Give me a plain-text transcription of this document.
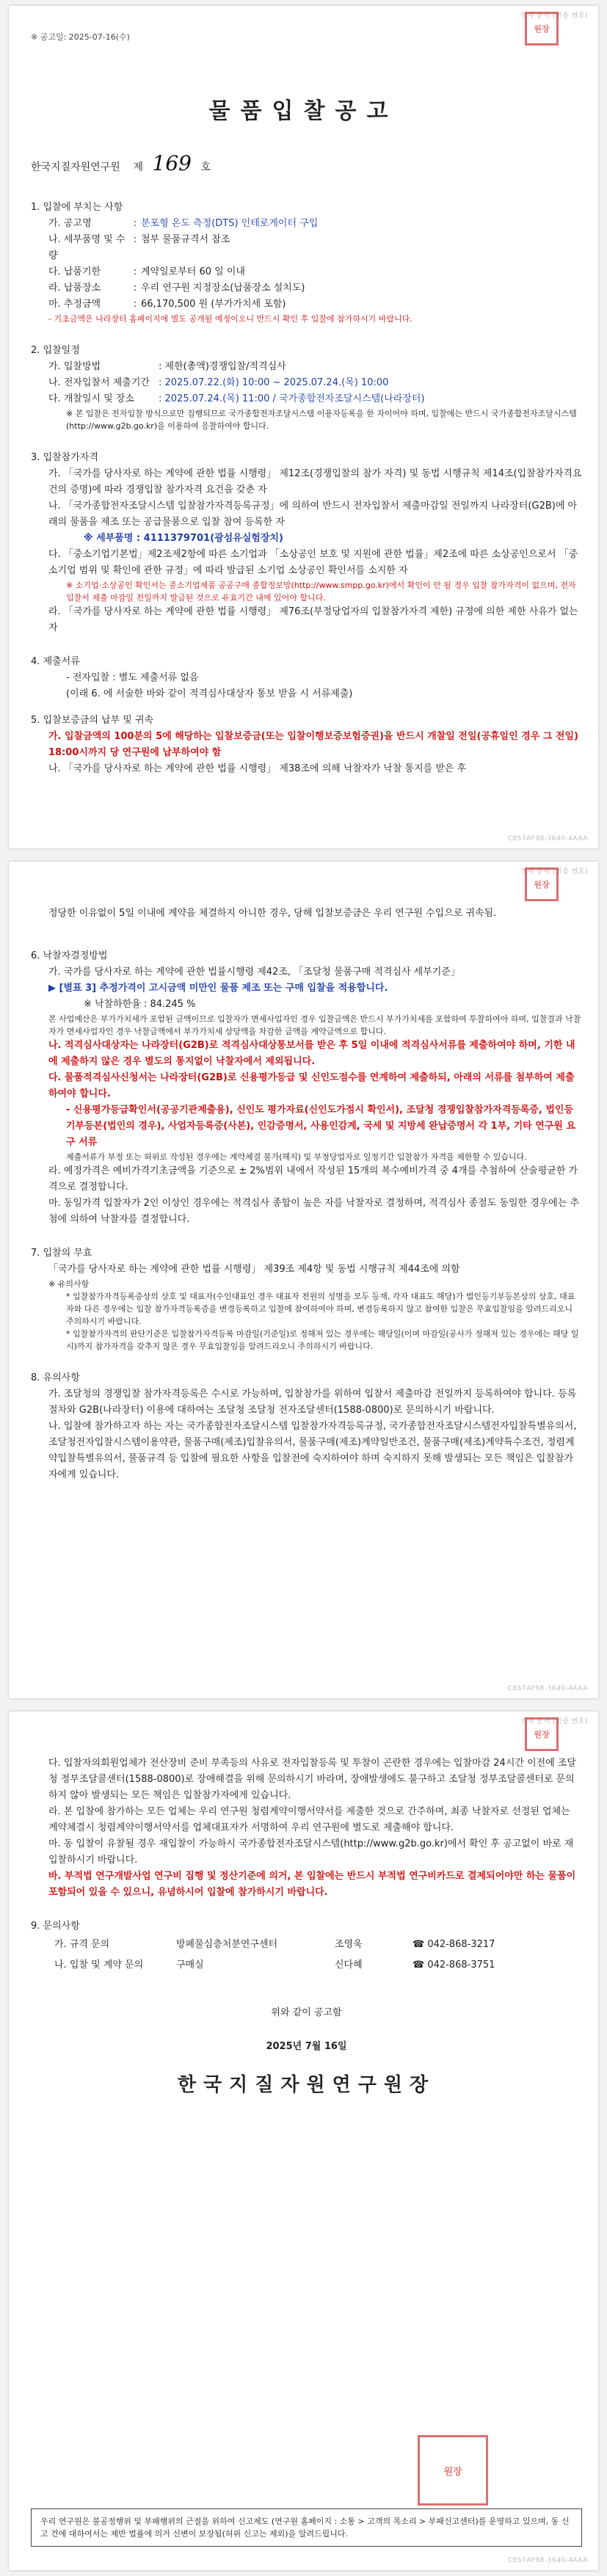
전자 문서 (인증 번호)
원장
※ 공고일: 2025-07-16(수)
물품입찰공고
한국지질자원연구원 제 169 호
1. 입찰에 부치는 사항
가. 공고명	: 분포형 온도 측정(DTS) 인테로게이터 구입
나. 세부품명 및 수량
: 첨부 물품규격서 참조
다. 납품기한	: 계약일로부터 60 일 이내
라. 납품장소	: 우리 연구원 지정장소(납품장소 설치도)
마. 추정금액	: 66,170,500 원 (부가가치세 포함)
- 기초금액은 나라장터 홈페이지에 별도 공개될 예정이오니 반드시 확인 후 입찰에 참가하시기 바랍니다.
2. 입찰일정
가. 입찰방법	: 제한(총액)경쟁입찰/적격심사
나. 전자입찰서 제출기간 : 2025.07.22.(화) 10:00 ~ 2025.07.24.(목) 10:00
다. 개찰일시 및 장소	: 2025.07.24.(목) 11:00 / 국가종합전자조달시스템(나라장터)
※ 본 입찰은 전자입찰 방식으로만 집행되므로 국가종합전자조달시스템 이용자등록을 한 자이어야 하며, 입찰에는 반드시 국가종합전자조달시스템(http://www.g2b.go.kr)을 이용하여 응찰하여야 합니다.
3. 입찰참가자격
가. 「국가를 당사자로 하는 계약에 관한 법률 시행령」 제12조(경쟁입찰의 참가 자격) 및 동법 시행규칙 제14조(입찰참가자격요건의 증명)에 따라 경쟁입찰 참가자격 요건을 갖춘 자
나. 「국가종합전자조달시스템 입찰참가자격등록규정」에 의하여 반드시 전자입찰서 제출마감일 전일까지 나라장터(G2B)에 아래의 물품을 제조 또는 공급물품으로 입찰 참여 등록한 자
※ 세부품명 : 4111379701(광섬유실험장치)
다. 「중소기업기본법」제2조제2항에 따른 소기업과 「소상공인 보호 및 지원에 관한 법률」제2조에 따른 소상공인으로서 「중소기업 범위 및 확인에 관한 규정」에 따라 발급된 소기업 소상공인 확인서를 소지한 자
※ 소기업·소상공인 확인서는 중소기업제품 공공구매 종합정보망(http://www.smpp.go.kr)에서 확인이 안 될 경우 입찰 참가자격이 없으며, 전자입찰서 제출 마감일 전일까지 발급된 것으로 유효기간 내에 있어야 합니다.
라. 「국가를 당사자로 하는 계약에 관한 법률 시행령」 제76조(부정당업자의 입찰참가자격 제한) 규정에 의한 제한 사유가 없는 자
4. 제출서류
- 전자입찰 : 별도 제출서류 없음
(이래 6. 에 서술한 바와 같이 적격심사대상자 통보 받을 시 서류제출)
5. 입찰보증금의 납부 및 귀속
가. 입찰금액의 100분의 5에 해당하는 입찰보증금(또는 입찰이행보증보험증권)을 반드시 개찰일 전일(공휴일인 경우 그 전일) 18:00시까지 당 연구원에 납부하여야 함
나. 「국가를 당사자로 하는 계약에 관한 법률 시행령」 제38조에 의해 낙찰자가 낙찰 통지를 받은 후
C857AF98-3640-4AAA
전자 문서 (인증 번호)
원장
정당한 이유없이 5일 이내에 계약을 체결하지 아니한 경우, 당해 입찰보증금은 우리 연구원 수입으로 귀속됨.
6. 낙찰자결정방법
가. 국가를 당사자로 하는 계약에 관한 법률시행령 제42조, 「조달청 물품구매 적격심사 세부기준」
▶ [별표 3] 추정가격이 고시금액 미만인 물품 제조 또는 구매 입찰을 적용합니다.
※ 낙찰하한율 : 84.245 %
본 사업예산은 부가가치세가 포함된 금액이므로 입찰자가 면세사업자인 경우 입찰금액은 반드시 부가가치세를 포함하여 투찰하여야 하며, 입찰결과 낙찰자가 면세사업자인 경우 낙찰금액에서 부가가치세 상당액을 차감한 금액을 계약금액으로 합니다.
나. 적격심사대상자는 나라장터(G2B)로 적격심사대상통보서를 받은 후 5일 이내에 적격심사서류를 제출하여야 하며, 기한 내에 제출하지 않은 경우 별도의 통지없이 낙찰자에서 제외됩니다.
다. 물품적격심사신청서는 나라장터(G2B)로 신용평가등급 및 신인도점수를 연계하여 제출하되, 아래의 서류를 첨부하여 제출하여야 합니다.
- 신용평가등급확인서(공공기관제출용), 신인도 평가자료(신인도가점시 확인서), 조달청 경쟁입찰참가자격등록증, 법인등기부등본(법인의 경우), 사업자등록증(사본), 인감증명서, 사용인감계, 국세 및 지방세 완납증명서 각 1부, 기타 연구원 요구 서류
제출서류가 부정 또는 허위로 작성된 경우에는 계약체결 불가(해지) 및 부정당업자로 일정기간 입찰참가 자격을 제한할 수 있습니다.
라. 예정가격은 예비가격기초금액을 기준으로 ± 2%범위 내에서 작성된 15개의 복수예비가격 중 4개를 추첨하여 산술평균한 가격으로 결정합니다.
마. 동일가격 입찰자가 2인 이상인 경우에는 적격심사 종합이 높은 자를 낙찰자로 결정하며, 적격심사 종점도 동일한 경우에는 추첨에 의하여 낙찰자를 결정합니다.
7. 입찰의 무효
「국가를 당사자로 하는 계약에 관한 법률 시행령」 제39조 제4항 및 동법 시행규칙 제44조에 의함
※ 유의사항
* 입찰참가자격등록증상의 상호 및 대표자(수인대표인 경우 대표자 전원의 성명을 모두 등재, 각자 대표도 해당)가 법인등기부등본상의 상호, 대표자와 다른 경우에는 입찰 참가자격등록증을 변경등록하고 입찰에 참여하여야 하며, 변경등록하지 않고 참여한 입찰은 무효입찰임을 알려드리오니 주의하시기 바랍니다.
* 입찰참가자격의 판단기준은 입찰참가자격등록 마감일(기준일)로 정해져 있는 경우에는 해당일(이며 마감일(공사가 정해져 있는 경우에는 해당 일시)까지 참가자격을 갖추지 않은 경우 무효입찰임을 알려드리오니 주의하시기 바랍니다.
8. 유의사항
가. 조달청의 경쟁입찰 참가자격등록은 수시로 가능하며, 입찰참가를 위하여 입찰서 제출마감 전일까지 등록하여야 합니다. 등록절차와 G2B(나라장터) 이용에 대하여는 조달청 조달청 전자조달센터(1588-0800)로 문의하시기 바랍니다.
나. 입찰에 참가하고자 하는 자는 국가종합전자조달시스템 입찰참가자격등록규정, 국가종합전자조달시스템전자입찰특별유의서, 조달청전자입찰시스템이용약관, 물품구매(제조)입찰유의서, 물품구매(제조)계약일반조건, 물품구매(제조)계약특수조건, 정렴계약입찰특별유의서, 물품규격 등 입찰에 필요한 사항을 입찰전에 숙지하여야 하며 숙지하지 못해 발생되는 모든 책임은 입찰참가자에게 있습니다.
C857AF98-3640-4AAA
전자 문서 (인증 번호)
원장
다. 입찰자의회원업체가 전산장비 준비 부족등의 사유로 전자입찰등록 및 투찰이 곤란한 경우에는 입찰마감 24시간 이전에 조달청 정부조달콜센터(1588-0800)로 장애해결을 위해 문의하시기 바라며, 장애발생에도 불구하고 조달청 정부조달콜센터로 문의하지 않아 발생되는 모든 책임은 입찰참가자에게 있습니다.
라. 본 입찰에 참가하는 모든 업체는 우리 연구원 청렴계약이행서약서를 제출한 것으로 간주하며, 최종 낙찰자로 선정된 업체는 계약체결시 청렴계약이행서약서를 업체대표자가 서명하여 우리 연구원에 별도로 제출해야 합니다.
마. 동 입찰이 유찰될 경우 재입찰이 가능하시 국가종합전자조달시스템(http://www.g2b.go.kr)에서 확인 후 공고없이 바로 재입찰하시기 바랍니다.
바. 부적법 연구개발사업 연구비 집행 및 정산기준에 의거, 본 입찰에는 반드시 부적법 연구비카드로 결제되어야만 하는 물품이 포함되어 있을 수 있으니, 유념하시어 입찰에 참가하시기 바랍니다.
9. 문의사항
가. 규격 문의	방폐물심층처분연구센터	조영욱	☎ 042-868-3217
나. 입찰 및 계약 문의	구매실	신다혜	☎ 042-868-3751
위와 같이 공고함
2025년 7월 16일
한국지질자원연구원장
원장
우리 연구원은 불공정행위 및 부패행위의 근절을 위하여 신고제도 (연구원 홈페이지 : 소통 > 고객의 목소리 > 부패신고센터)를 운영하고 있으며, 동 신고 건에 대하여서는 제반 법률에 의거 신변이 보장됨(허위 신고는 제외)을 알려드립니다.
C857AF98-3640-4AAA
